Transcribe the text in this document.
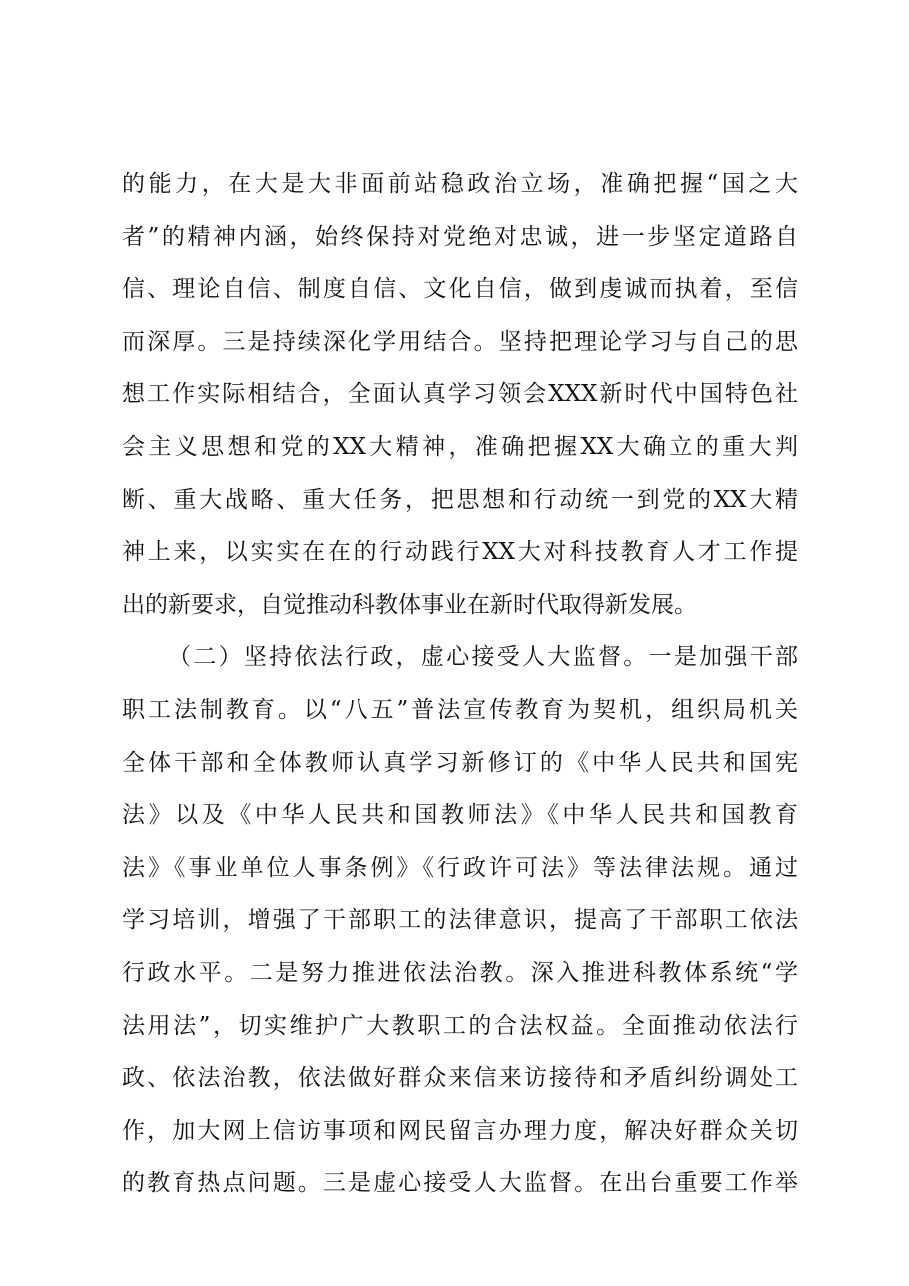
的能力，在大是大非面前站稳政治立场，准确把握“国之大
者”的精神内涵，始终保持对党绝对忠诚，进一步坚定道路自
信、理论自信、制度自信、文化自信，做到虔诚而执着，至信
而深厚。三是持续深化学用结合。坚持把理论学习与自己的思
想工作实际相结合，全面认真学习领会XXX新时代中国特色社
会主义思想和党的XX大精神，准确把握XX大确立的重大判
断、重大战略、重大任务，把思想和行动统一到党的XX大精
神上来，以实实在在的行动践行XX大对科技教育人才工作提
出的新要求，自觉推动科教体事业在新时代取得新发展。
（二）坚持依法行政，虚心接受人大监督。一是加强干部
职工法制教育。以“八五”普法宣传教育为契机，组织局机关
全体干部和全体教师认真学习新修订的《中华人民共和国宪
法》以及《中华人民共和国教师法》《中华人民共和国教育
法》《事业单位人事条例》《行政许可法》等法律法规。通过
学习培训，增强了干部职工的法律意识，提高了干部职工依法
行政水平。二是努力推进依法治教。深入推进科教体系统“学
法用法”，切实维护广大教职工的合法权益。全面推动依法行
政、依法治教，依法做好群众来信来访接待和矛盾纠纷调处工
作，加大网上信访事项和网民留言办理力度，解决好群众关切
的教育热点问题。三是虚心接受人大监督。在出台重要工作举
